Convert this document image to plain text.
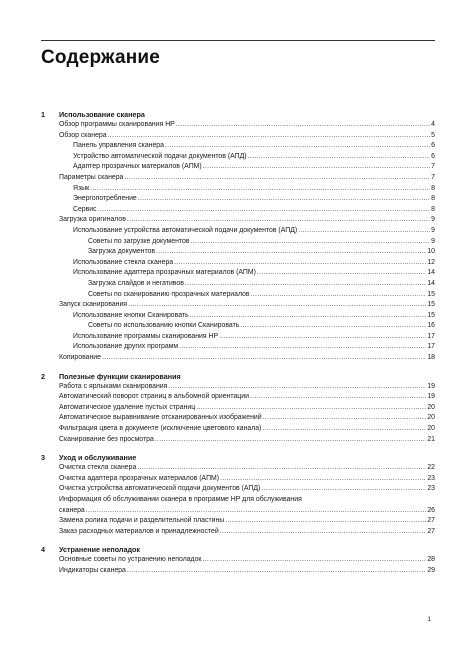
Содержание
1 Использование сканера
Обзор программы сканирования HP .....	4
Обзор сканера .....	5
Панель управления сканера .....	6
Устройство автоматической подачи документов (АПД) .....	6
Адаптер прозрачных материалов (АПМ) .....	7
Параметры сканера .....	7
Язык .....	8
Энергопотребление .....	8
Сервис .....	8
Загрузка оригиналов .....	9
Использование устройства автоматической подачи документов (АПД) .....	9
Советы по загрузке документов .....	9
Загрузка документов .....	10
Использование стекла сканера .....	12
Использование адаптера прозрачных материалов (АПМ) .....	14
Загрузка слайдов и негативов .....	14
Советы по сканированию прозрачных материалов .....	15
Запуск сканирования .....	15
Использование кнопки Сканировать .....	15
Советы по использованию кнопки Сканировать .....	16
Использование программы сканирования HP .....	17
Использование других программ .....	17
Копирование .....	18
2 Полезные функции сканирования
Работа с ярлыками сканирования .....	19
Автоматический поворот страниц в альбомной ориентации .....	19
Автоматическое удаление пустых страниц .....	20
Автоматическое выравнивание отсканированных изображений .....	20
Фильтрация цвета в документе (исключение цветового канала) .....	20
Сканирование без просмотра .....	21
3 Уход и обслуживание
Очистка стекла сканера .....	22
Очистка адаптера прозрачных материалов (АПМ) .....	23
Очистка устройства автоматической подачи документов (АПД) .....	23
Информация об обслуживании сканера в программе HP для обслуживания
сканера .....	26
Замена ролика подачи и разделительной пластины .....	27
Заказ расходных материалов и принадлежностей .....	27
4 Устранение неполадок
Основные советы по устранению неполадок .....	28
Индикаторы сканера .....	29
1
